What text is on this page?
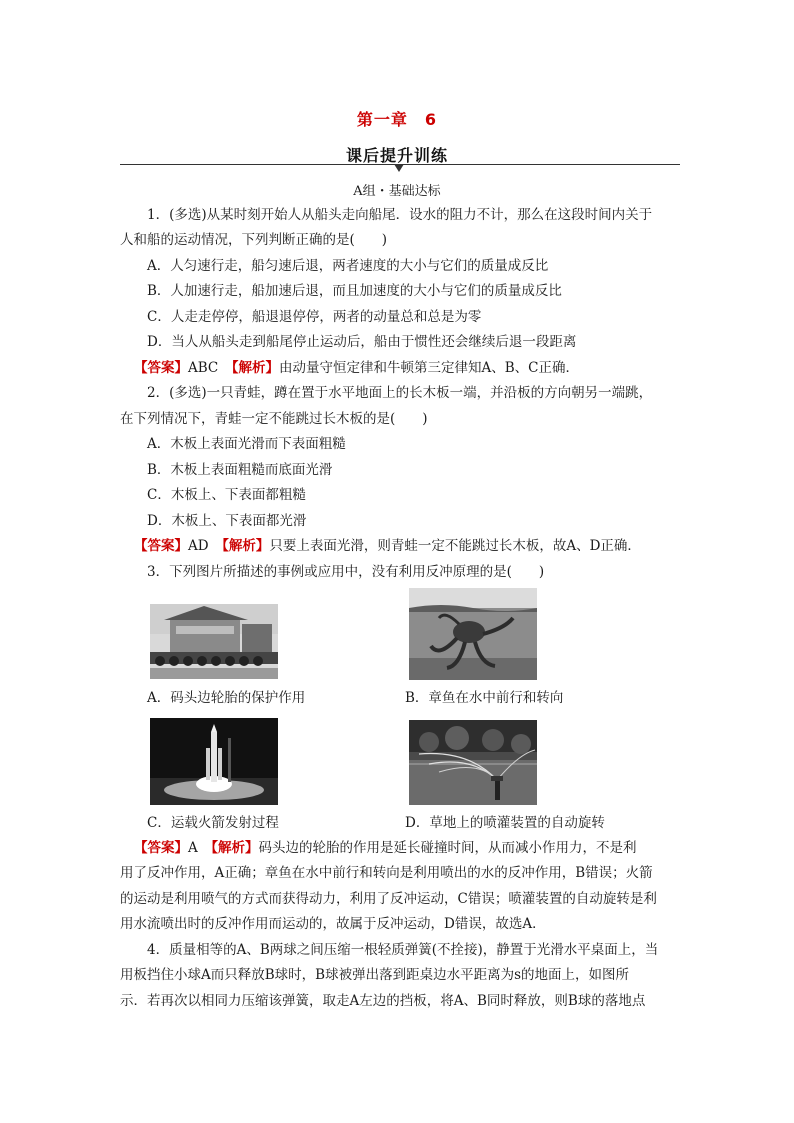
第一章　6
课后提升训练
A组・基础达标
1．(多选)从某时刻开始人从船头走向船尾．设水的阻力不计，那么在这段时间内关于
人和船的运动情况，下列判断正确的是(　　)
A．人匀速行走，船匀速后退，两者速度的大小与它们的质量成反比
B．人加速行走，船加速后退，而且加速度的大小与它们的质量成反比
C．人走走停停，船退退停停，两者的动量总和总是为零
D．当人从船头走到船尾停止运动后，船由于惯性还会继续后退一段距离
【答案】ABC　 【解析】由动量守恒定律和牛顿第三定律知A、B、C正确．
2．(多选)一只青蛙，蹲在置于水平地面上的长木板一端，并沿板的方向朝另一端跳，
在下列情况下，青蛙一定不能跳过长木板的是(　　)
A．木板上表面光滑而下表面粗糙
B．木板上表面粗糙而底面光滑
C．木板上、下表面都粗糙
D．木板上、下表面都光滑
【答案】AD　 【解析】只要上表面光滑，则青蛙一定不能跳过长木板，故A、D正确．
3．下列图片所描述的事例或应用中，没有利用反冲原理的是(　　)
A．码头边轮胎的保护作用	B．章鱼在水中前行和转向
C．运载火箭发射过程	D．草地上的喷灌装置的自动旋转
【答案】A　 【解析】码头边的轮胎的作用是延长碰撞时间，从而减小作用力，不是利
用了反冲作用，A正确；章鱼在水中前行和转向是利用喷出的水的反冲作用，B错误；火箭
的运动是利用喷气的方式而获得动力，利用了反冲运动，C错误；喷灌装置的自动旋转是利
用水流喷出时的反冲作用而运动的，故属于反冲运动，D错误，故选A．
4．质量相等的A、B两球之间压缩一根轻质弹簧(不拴接)，静置于光滑水平桌面上，当
用板挡住小球A而只释放B球时，B球被弹出落到距桌边水平距离为s的地面上，如图所
示．若再次以相同力压缩该弹簧，取走A左边的挡板，将A、B同时释放，则B球的落地点
